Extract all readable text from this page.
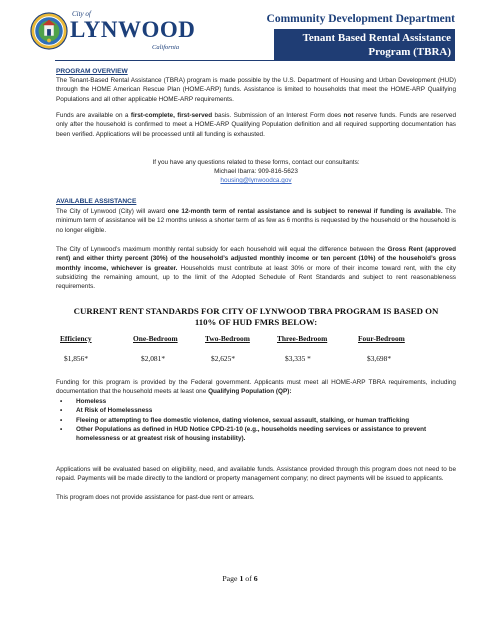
City of
LYNWOOD
California
Community Development Department
Tenant Based Rental Assistance
Program (TBRA)
PROGRAM OVERVIEW
The Tenant-Based Rental Assistance (TBRA) program is made possible by the U.S. Department of Housing and Urban Development (HUD) through the HOME American Rescue Plan (HOME-ARP) funds. Assistance is limited to households that meet the HOME-ARP Qualifying Populations and all other applicable HOME-ARP requirements.
Funds are available on a first-complete, first-served basis. Submission of an Interest Form does not reserve funds. Funds are reserved only after the household is confirmed to meet a HOME-ARP Qualifying Population definition and all required supporting documentation has been verified. Applications will be processed until all funding is exhausted.
If you have any questions related to these forms, contact our consultants:
Michael Ibarra: 909-816-5623
housing@lynwoodca.gov
AVAILABLE ASSISTANCE
The City of Lynwood (City) will award one 12-month term of rental assistance and is subject to renewal if funding is available. The minimum term of assistance will be 12 months unless a shorter term of as few as 6 months is requested by the household or the household is no longer eligible.
The City of Lynwood’s maximum monthly rental subsidy for each household will equal the difference between the Gross Rent (approved rent) and either thirty percent (30%) of the household’s adjusted monthly income or ten percent (10%) of the household’s gross monthly income, whichever is greater. Households must contribute at least 30% or more of their income toward rent, with the city subsidizing the remaining amount, up to the limit of the Adopted Schedule of Rent Standards and subject to rent reasonableness requirements.
CURRENT RENT STANDARDS FOR CITY OF LYNWOOD TBRA PROGRAM IS BASED ON
110% OF HUD FMRS BELOW:
Efficiency	One-Bedroom	Two-Bedroom	Three-Bedroom	Four-Bedroom
$1,856*	$2,081*	$2,625*	$3,335 *	$3,698*
Funding for this program is provided by the Federal government. Applicants must meet all HOME-ARP TBRA requirements, including documentation that the household meets at least one Qualifying Population (QP):
• Homeless
• At Risk of Homelessness
• Fleeing or attempting to flee domestic violence, dating violence, sexual assault, stalking, or human trafficking
• Other Populations as defined in HUD Notice CPD-21-10 (e.g., households needing services or assistance to prevent homelessness or at greatest risk of housing instability).
Applications will be evaluated based on eligibility, need, and available funds. Assistance provided through this program does not need to be repaid. Payments will be made directly to the landlord or property management company; no direct payments will be issued to applicants.
This program does not provide assistance for past-due rent or arrears.
Page 1 of 6
